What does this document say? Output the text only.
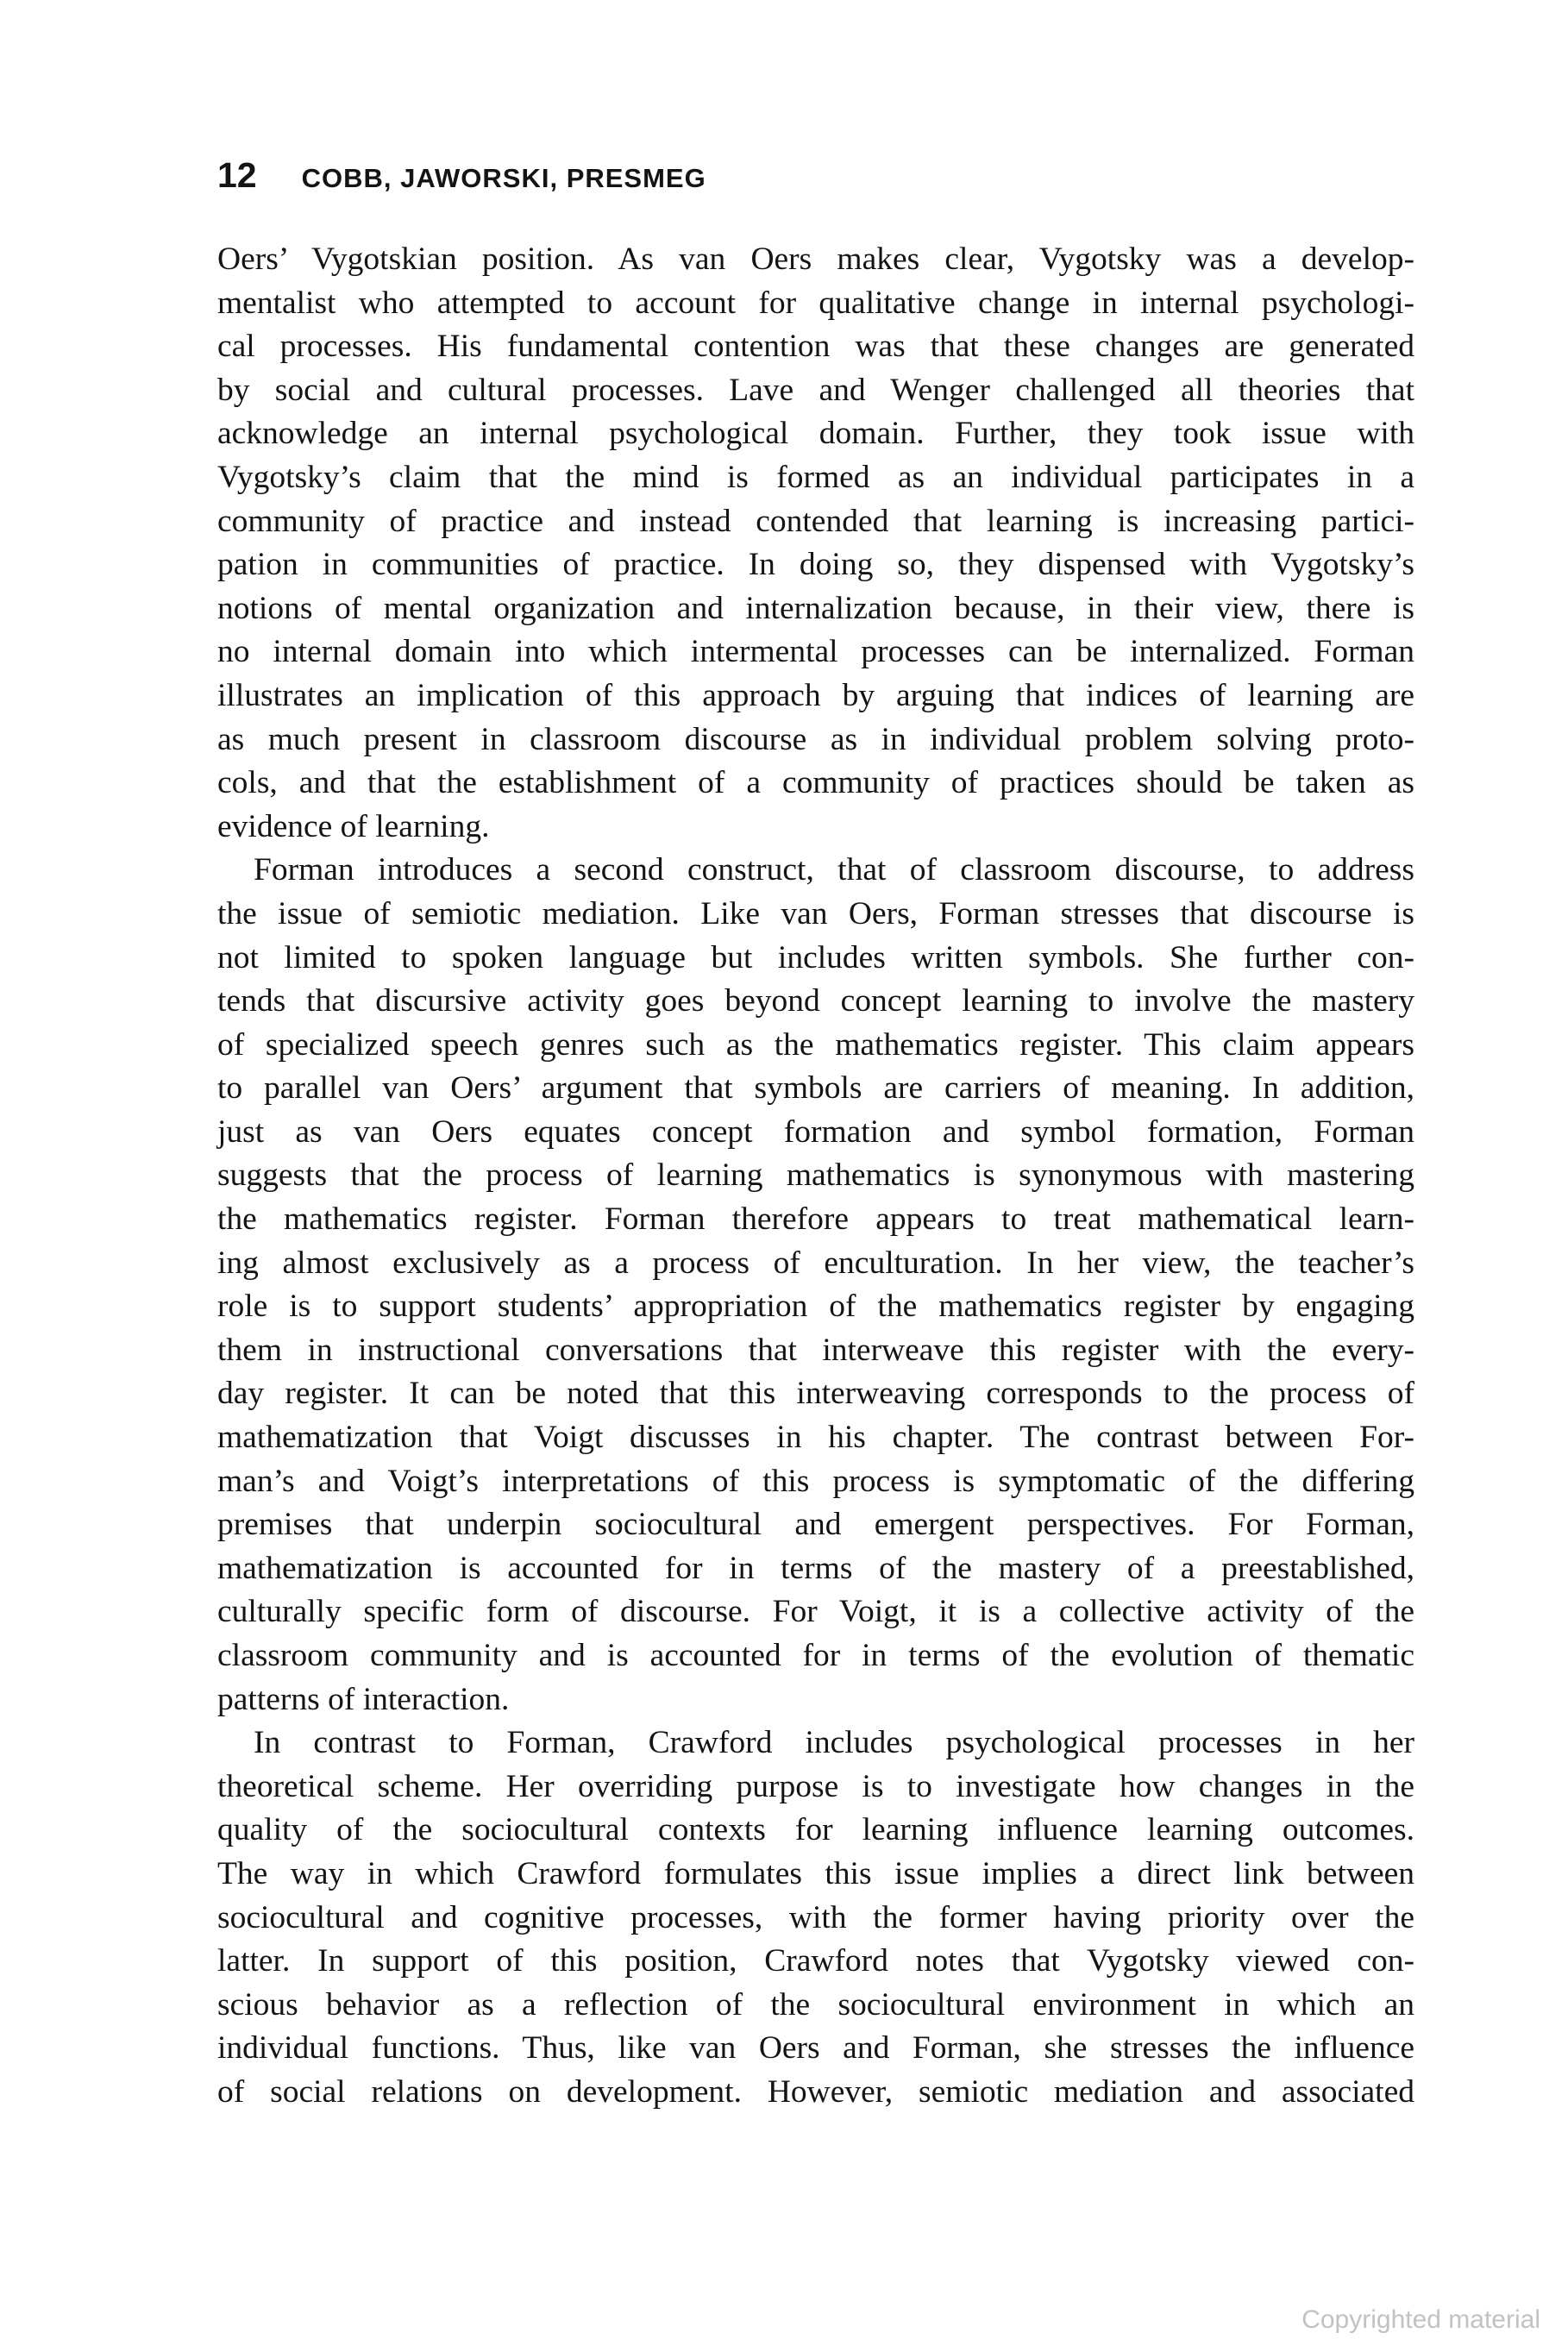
12 COBB, JAWORSKI, PRESMEG
Oers’ Vygotskian position. As van Oers makes clear, Vygotsky was a develop-
mentalist who attempted to account for qualitative change in internal psychologi-
cal processes. His fundamental contention was that these changes are generated
by social and cultural processes. Lave and Wenger challenged all theories that
acknowledge an internal psychological domain. Further, they took issue with
Vygotsky’s claim that the mind is formed as an individual participates in a
community of practice and instead contended that learning is increasing partici-
pation in communities of practice. In doing so, they dispensed with Vygotsky’s
notions of mental organization and internalization because, in their view, there is
no internal domain into which intermental processes can be internalized. Forman
illustrates an implication of this approach by arguing that indices of learning are
as much present in classroom discourse as in individual problem solving proto-
cols, and that the establishment of a community of practices should be taken as
evidence of learning.
Forman introduces a second construct, that of classroom discourse, to address
the issue of semiotic mediation. Like van Oers, Forman stresses that discourse is
not limited to spoken language but includes written symbols. She further con-
tends that discursive activity goes beyond concept learning to involve the mastery
of specialized speech genres such as the mathematics register. This claim appears
to parallel van Oers’ argument that symbols are carriers of meaning. In addition,
just as van Oers equates concept formation and symbol formation, Forman
suggests that the process of learning mathematics is synonymous with mastering
the mathematics register. Forman therefore appears to treat mathematical learn-
ing almost exclusively as a process of enculturation. In her view, the teacher’s
role is to support students’ appropriation of the mathematics register by engaging
them in instructional conversations that interweave this register with the every-
day register. It can be noted that this interweaving corresponds to the process of
mathematization that Voigt discusses in his chapter. The contrast between For-
man’s and Voigt’s interpretations of this process is symptomatic of the differing
premises that underpin sociocultural and emergent perspectives. For Forman,
mathematization is accounted for in terms of the mastery of a preestablished,
culturally specific form of discourse. For Voigt, it is a collective activity of the
classroom community and is accounted for in terms of the evolution of thematic
patterns of interaction.
In contrast to Forman, Crawford includes psychological processes in her
theoretical scheme. Her overriding purpose is to investigate how changes in the
quality of the sociocultural contexts for learning influence learning outcomes.
The way in which Crawford formulates this issue implies a direct link between
sociocultural and cognitive processes, with the former having priority over the
latter. In support of this position, Crawford notes that Vygotsky viewed con-
scious behavior as a reflection of the sociocultural environment in which an
individual functions. Thus, like van Oers and Forman, she stresses the influence
of social relations on development. However, semiotic mediation and associated
Copyrighted material
